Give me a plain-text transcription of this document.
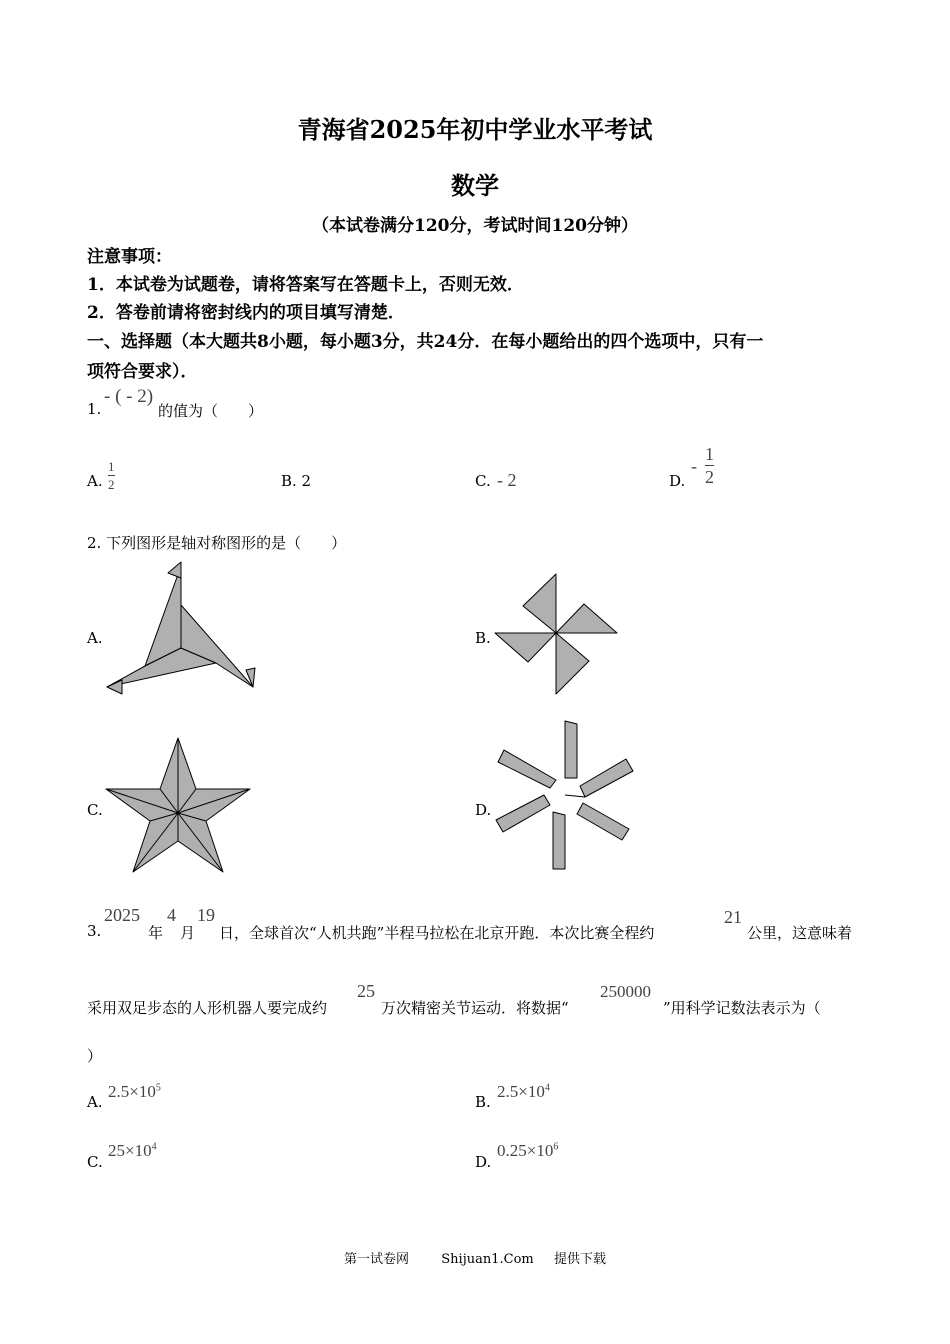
青海省2025年初中学业水平考试
数学
（本试卷满分120分，考试时间120分钟）
注意事项：
1．本试卷为试题卷，请将答案写在答题卡上，否则无效．
2．答卷前请将密封线内的项目填写清楚．
一、选择题（本大题共8小题，每小题3分，共24分．在每小题给出的四个选项中，只有一
项符合要求）．
1.
- ( - 2)
的值为（　　）
A.
1
2	B. 2	C. - 2	D.
-
1
2
2. 下列图形是轴对称图形的是（　　）
A.	B.
C.	D.
3.
2025
年
4
月
19
日，全球首次“人机共跑”半程马拉松在北京开跑．本次比赛全程约
21
公里，这意味着
采用双足步态的人形机器人要完成约
25
万次精密关节运动．将数据“
250000
”用科学记数法表示为（
）
A.
$2.5\times 10^5$
B.
$2.5\times 10^4$
C.
$25\times 10^4$
D.
$0.25\times 10^6$
第一试卷网 Shijuan1.Com 提供下载
